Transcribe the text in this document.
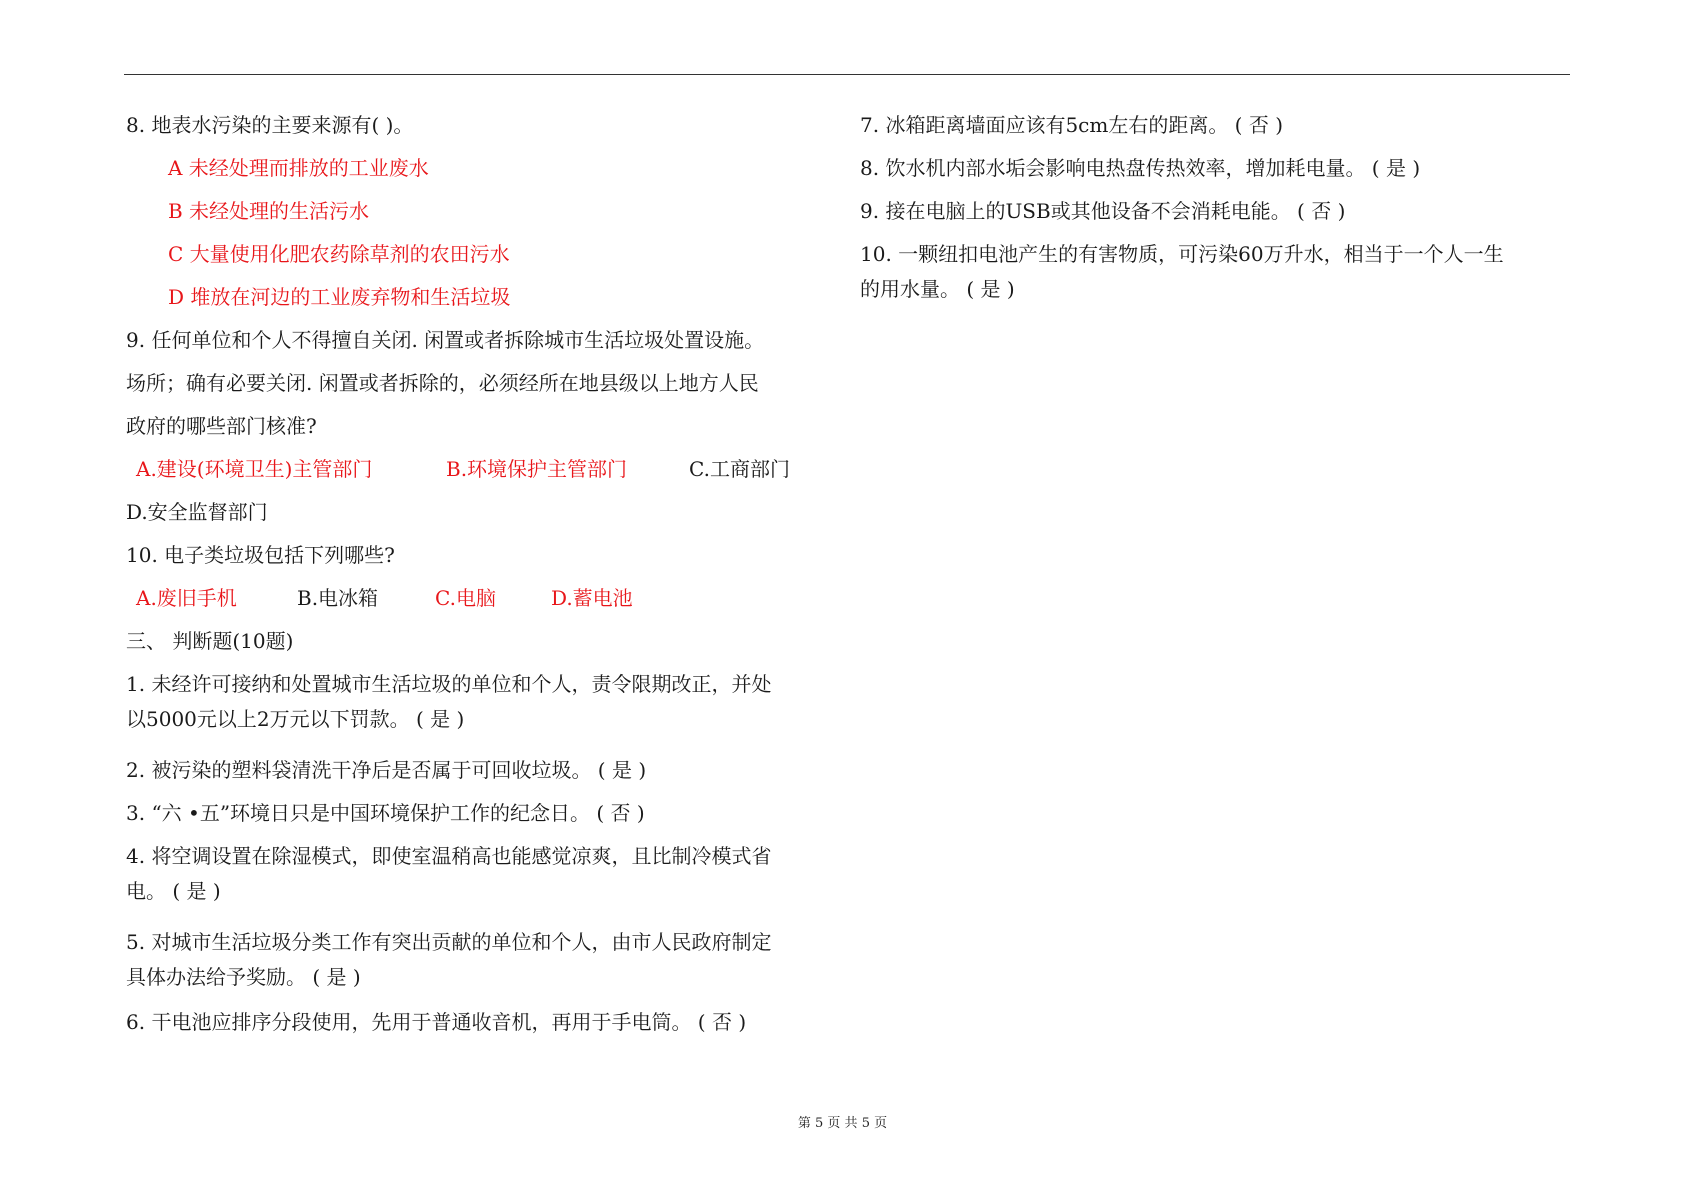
8. 地表水污染的主要来源有( )。
A 未经处理而排放的工业废水
B 未经处理的生活污水
C 大量使用化肥农药除草剂的农田污水
D 堆放在河边的工业废弃物和生活垃圾
9. 任何单位和个人不得擅自关闭. 闲置或者拆除城市生活垃圾处置设施。
场所；确有必要关闭. 闲置或者拆除的，必须经所在地县级以上地方人民
政府的哪些部门核准?
A.建设(环境卫生)主管部门	B.环境保护主管部门	C.工商部门
D.安全监督部门
10. 电子类垃圾包括下列哪些?
A.废旧手机	B.电冰箱	C.电脑	D.蓄电池
三、 判断题(10题)
1. 未经许可接纳和处置城市生活垃圾的单位和个人，责令限期改正，并处
以5000元以上2万元以下罚款。 ( 是 )
2. 被污染的塑料袋清洗干净后是否属于可回收垃圾。 ( 是 )
3. “六 •五”环境日只是中国环境保护工作的纪念日。 ( 否 )
4. 将空调设置在除湿模式，即使室温稍高也能感觉凉爽，且比制冷模式省
电。 ( 是 )
5. 对城市生活垃圾分类工作有突出贡献的单位和个人，由市人民政府制定
具体办法给予奖励。 ( 是 )
6. 干电池应排序分段使用，先用于普通收音机，再用于手电筒。 ( 否 )
7. 冰箱距离墙面应该有5cm左右的距离。 ( 否 )
8. 饮水机内部水垢会影响电热盘传热效率，增加耗电量。 ( 是 )
9. 接在电脑上的USB或其他设备不会消耗电能。 ( 否 )
10. 一颗纽扣电池产生的有害物质，可污染60万升水，相当于一个人一生
的用水量。 ( 是 )
第 5 页 共 5 页
